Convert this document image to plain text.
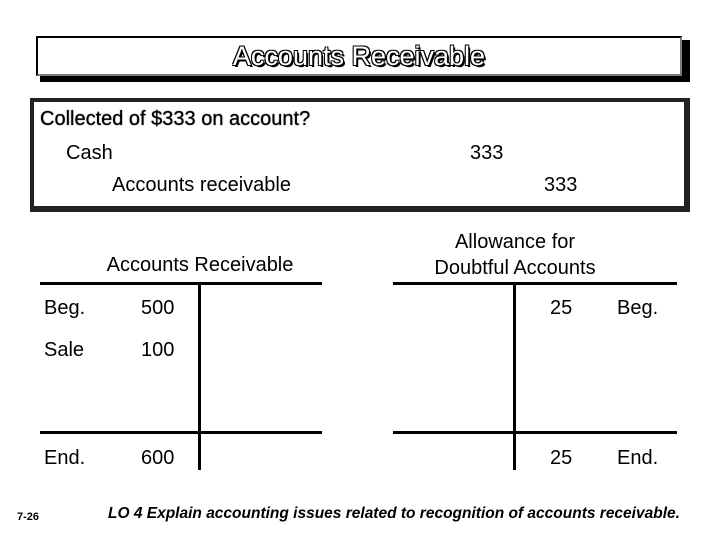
Accounts Receivable
Collected of $333 on account?
Cash	333
Accounts receivable	333
Accounts Receivable
Beg.	500
Sale	100
End.	600
Allowance for
Doubtful Accounts
25 Beg.
25 End.
7-26	LO 4 Explain accounting issues related to recognition of accounts receivable.
